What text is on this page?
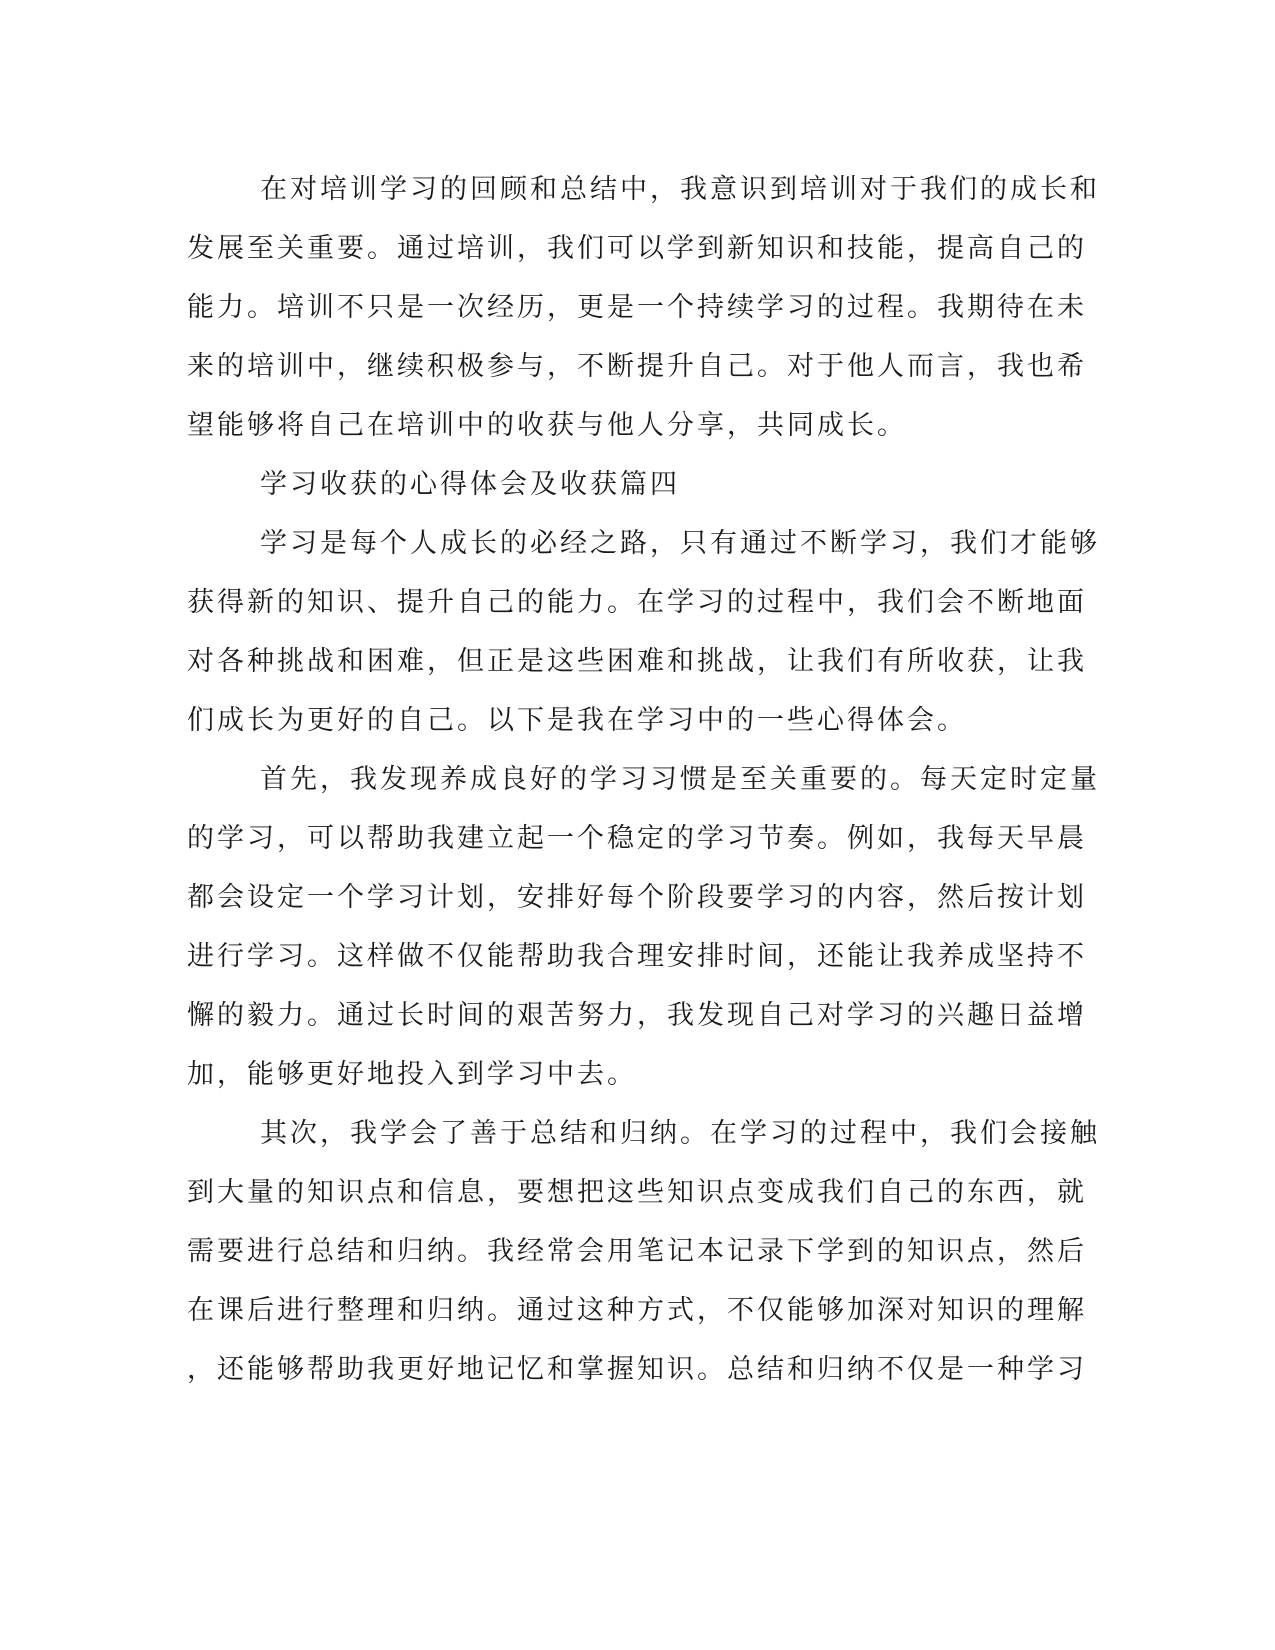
在对培训学习的回顾和总结中，我意识到培训对于我们的成长和
发展至关重要。通过培训，我们可以学到新知识和技能，提高自己的
能力。培训不只是一次经历，更是一个持续学习的过程。我期待在未
来的培训中，继续积极参与，不断提升自己。对于他人而言，我也希
望能够将自己在培训中的收获与他人分享，共同成长。
学习收获的心得体会及收获篇四
学习是每个人成长的必经之路，只有通过不断学习，我们才能够
获得新的知识、提升自己的能力。在学习的过程中，我们会不断地面
对各种挑战和困难，但正是这些困难和挑战，让我们有所收获，让我
们成长为更好的自己。以下是我在学习中的一些心得体会。
首先，我发现养成良好的学习习惯是至关重要的。每天定时定量
的学习，可以帮助我建立起一个稳定的学习节奏。例如，我每天早晨
都会设定一个学习计划，安排好每个阶段要学习的内容，然后按计划
进行学习。这样做不仅能帮助我合理安排时间，还能让我养成坚持不
懈的毅力。通过长时间的艰苦努力，我发现自己对学习的兴趣日益增
加，能够更好地投入到学习中去。
其次，我学会了善于总结和归纳。在学习的过程中，我们会接触
到大量的知识点和信息，要想把这些知识点变成我们自己的东西，就
需要进行总结和归纳。我经常会用笔记本记录下学到的知识点，然后
在课后进行整理和归纳。通过这种方式，不仅能够加深对知识的理解
，还能够帮助我更好地记忆和掌握知识。总结和归纳不仅是一种学习
